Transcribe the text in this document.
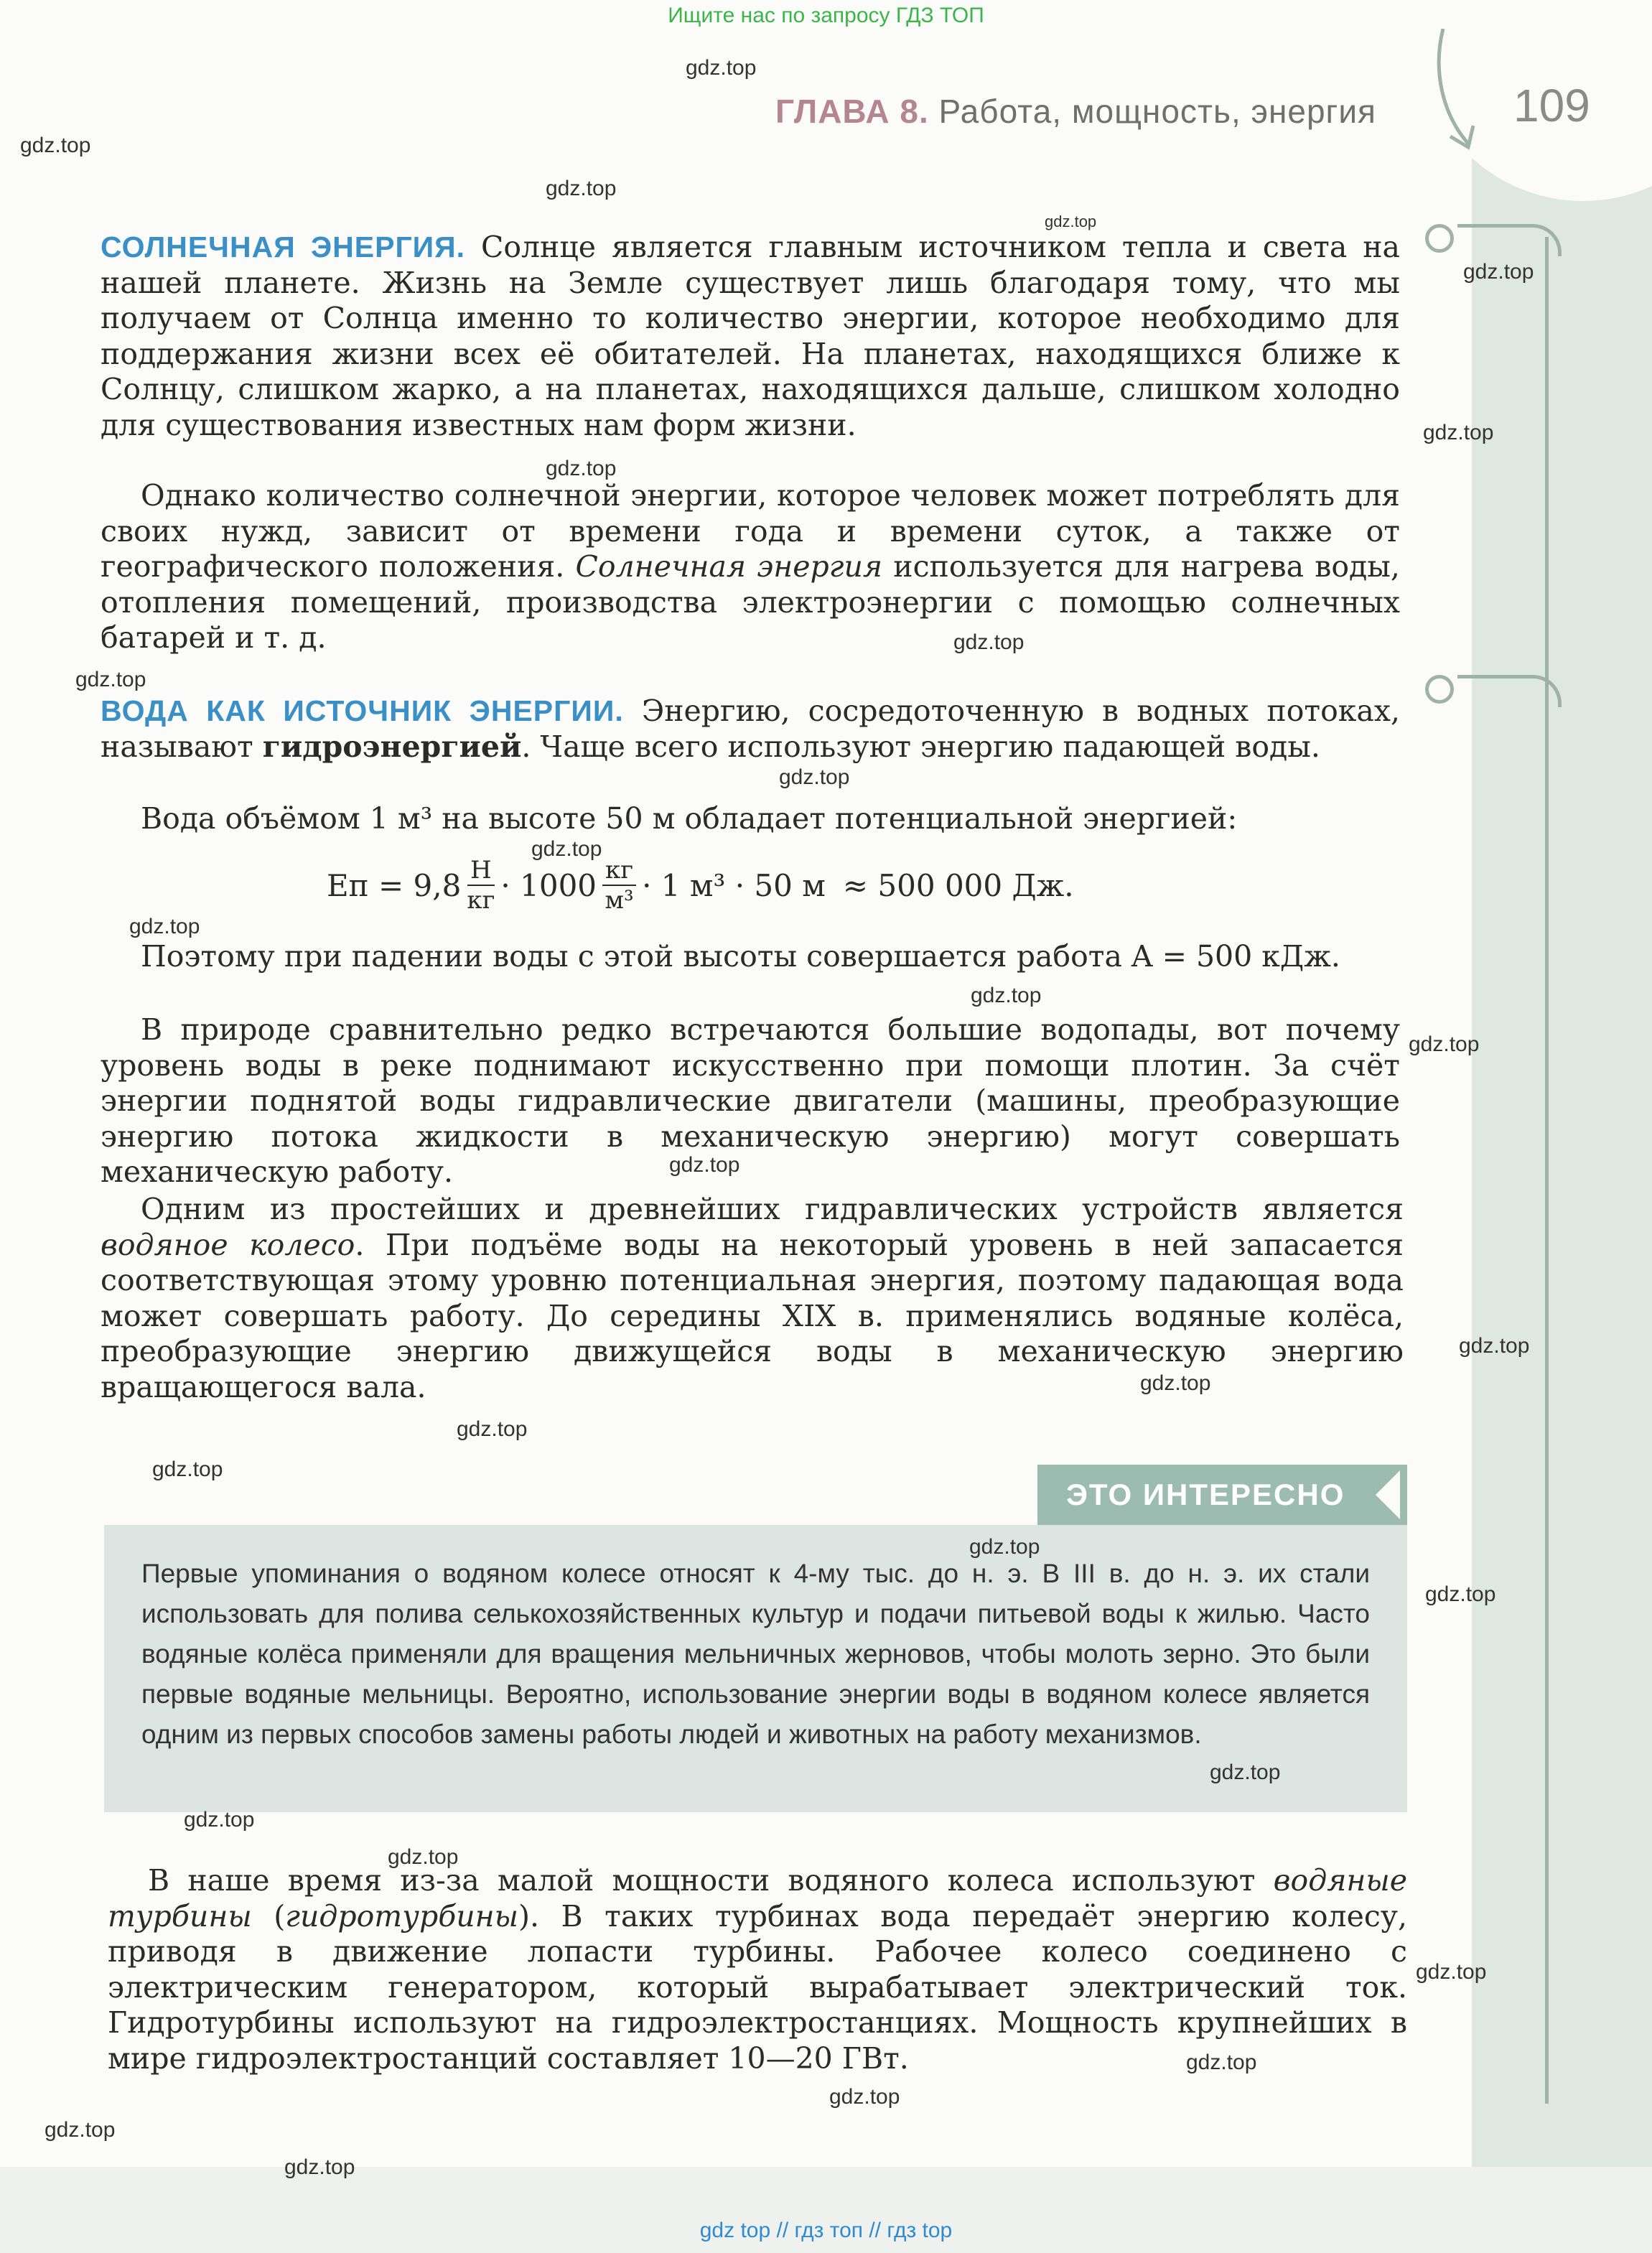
Ищите нас по запросу ГДЗ ТОП
ГЛАВА 8. Работа, мощность, энергия	109

СОЛНЕЧНАЯ ЭНЕРГИЯ. Солнце является главным источником тепла и света на нашей планете. Жизнь на Земле существует лишь благодаря тому, что мы получаем от Солнца именно то количество энергии, которое необходимо для поддержания жизни всех её обитателей. На планетах, находящихся ближе к Солнцу, слишком жарко, а на планетах, находящихся дальше, слишком холодно для существования известных нам форм жизни.

Однако количество солнечной энергии, которое человек может потреблять для своих нужд, зависит от времени года и времени суток, а также от географического положения. Солнечная энергия используется для нагрева воды, отопления помещений, производства электроэнергии с помощью солнечных батарей и т. д.

ВОДА КАК ИСТОЧНИК ЭНЕРГИИ. Энергию, сосредоточенную в водных потоках, называют гидроэнергией. Чаще всего используют энергию падающей воды.

Вода объёмом 1 м³ на высоте 50 м обладает потенциальной энергией:

Eп = $9,8 \frac{Н}{кг} \cdot 1000 \frac{кг}{\text{м³}} \cdot 1$ м³ · 50 м ≈ 500 000 Дж.

Поэтому при падении воды с этой высоты совершается работа A = 500 кДж.

В природе сравнительно редко встречаются большие водопады, вот почему уровень воды в реке поднимают искусственно при помощи плотин. За счёт энергии поднятой воды гидравлические двигатели (машины, преобразующие энергию потока жидкости в механическую энергию) могут совершать механическую работу.

Одним из простейших и древнейших гидравлических устройств является водяное колесо. При подъёме воды на некоторый уровень в ней запасается соответствующая этому уровню потенциальная энергия, поэтому падающая вода может совершать работу. До середины XIX в. применялись водяные колёса, преобразующие энергию движущейся воды в механическую энергию вращающегося вала.

ЭТО ИНТЕРЕСНО

Первые упоминания о водяном колесе относят к 4-му тыс. до н. э. В III в. до н. э. их стали использовать для полива селькохозяйственных культур и подачи питьевой воды к жилью. Часто водяные колёса применяли для вращения мельничных жерновов, чтобы молоть зерно. Это были первые водяные мельницы. Вероятно, использование энергии воды в водяном колесе является одним из первых способов замены работы людей и животных на работу механизмов.

В наше время из-за малой мощности водяного колеса используют водяные турбины (гидротурбины). В таких турбинах вода передаёт энергию колесу, приводя в движение лопасти турбины. Рабочее колесо соединено с электрическим генератором, который вырабатывает электрический ток. Гидротурбины используют на гидроэлектростанциях. Мощность крупнейших в мире гидроэлектростанций составляет 10—20 ГВт.

gdz.top
gdz.top
gdz.top
gdz.top
gdz.top
gdz.top
gdz.top
gdz.top
gdz.top
gdz.top
gdz.top
gdz.top
gdz.top
gdz.top
gdz.top
gdz.top
gdz.top
gdz.top
gdz.top
gdz.top
gdz.top
gdz.top
gdz.top
gdz.top
gdz.top
gdz.top
gdz.top
gdz.top
gdz.top
gdz top // гдз топ // гдз top
